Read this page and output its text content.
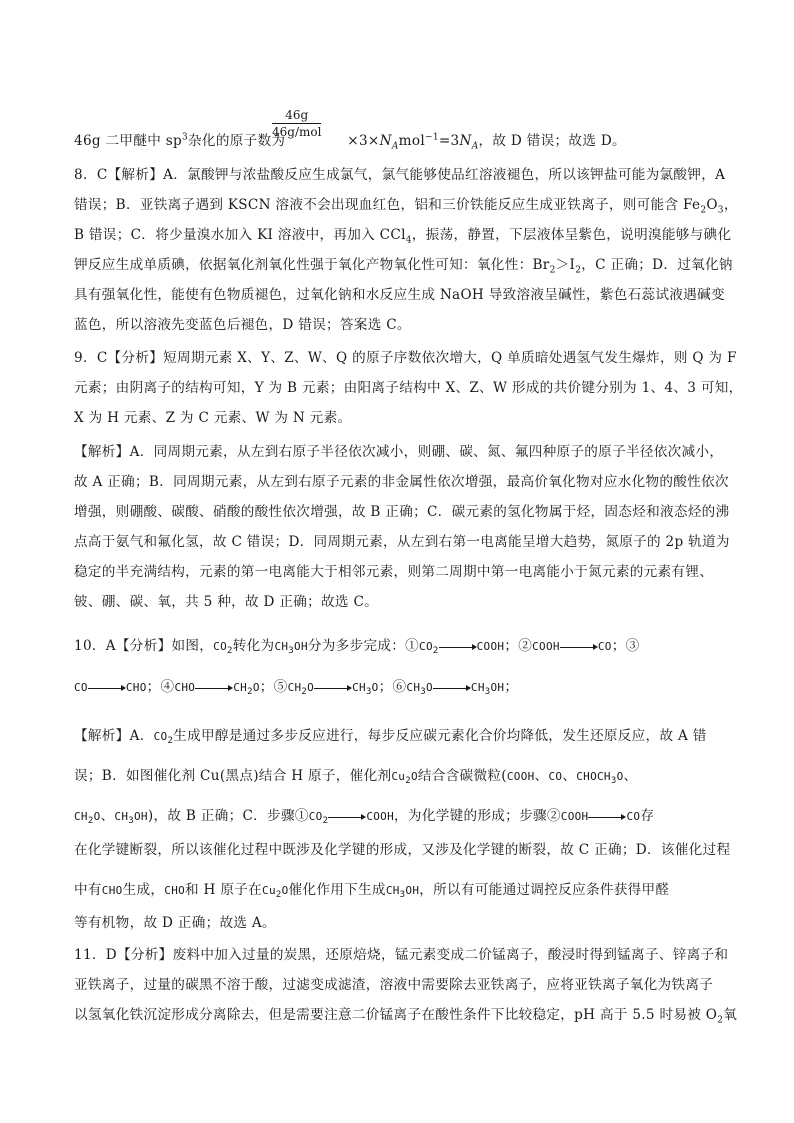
46g
46g/mol
46g 二甲醚中 $sp^3$杂化的原子数为	$\times 3\times N_Amol^{-1}=3N_A$，故 D 错误；故选 D。
8．C【解析】A．氯酸钾与浓盐酸反应生成氯气，氯气能够使品红溶液褪色，所以该钾盐可能为氯酸钾，A
错误；B．亚铁离子遇到 KSCN 溶液不会出现血红色，铝和三价铁能反应生成亚铁离子，则可能含 $Fe_2O_3$，
B 错误；C．将少量溴水加入 KI 溶液中，再加入 CCl$_4$，振荡，静置，下层液体呈紫色，说明溴能够与碘化
钾反应生成单质碘，依据氧化剂氧化性强于氧化产物氧化性可知：氧化性：$Br_2>I_2$，C 正确；D．过氧化钠
具有强氧化性，能使有色物质褪色，过氧化钠和水反应生成 NaOH 导致溶液呈碱性，紫色石蕊试液遇碱变
蓝色，所以溶液先变蓝色后褪色，D 错误；答案选 C。
9．C【分析】短周期元素 X、Y、Z、W、Q 的原子序数依次增大，Q 单质暗处遇氢气发生爆炸，则 Q 为 F
元素；由阴离子的结构可知，Y 为 B 元素；由阳离子结构中 X、Z、W 形成的共价键分别为 1、4、3 可知，
X 为 H 元素、Z 为 C 元素、W 为 N 元素。
【解析】A．同周期元素，从左到右原子半径依次减小，则硼、碳、氮、氟四种原子的原子半径依次减小，
故 A 正确；B．同周期元素，从左到右原子元素的非金属性依次增强，最高价氧化物对应水化物的酸性依次
增强，则硼酸、碳酸、硝酸的酸性依次增强，故 B 正确；C．碳元素的氢化物属于烃，固态烃和液态烃的沸
点高于氨气和氟化氢，故 C 错误；D．同周期元素，从左到右第一电离能呈增大趋势，氮原子的 2p 轨道为
稳定的半充满结构，元素的第一电离能大于相邻元素，则第二周期中第一电离能小于氮元素的元素有锂、
铍、硼、碳、氧，共 5 种，故 D 正确；故选 C。
10．A【分析】如图，$CO_2$转化为$CH_3OH$分为多步完成：$①CO_2$	COOH；②COOH	CO；③
CO	CHO；④CHO	$CH_2O$；$⑤CH_2O$	$CH_3O$；$⑥CH_3O$	$CH_3OH$；
【解析】A．$CO_2$生成甲醇是通过多步反应进行，每步反应碳元素化合价均降低，发生还原反应，故 A 错
误；B．如图催化剂 Cu(黑点)结合 H 原子，催化剂$Cu_2O$结合含碳微粒(COOH、CO、$CHOCH_3O$、
$CH_2O$、$CH_3OH$)，故 B 正确；C．步骤$①CO_2$	COOH，为化学键的形成；步骤②COOH	CO存
在化学键断裂，所以该催化过程中既涉及化学键的形成，又涉及化学键的断裂，故 C 正确；D．该催化过程
中有CHO生成，CHO和 H 原子在$Cu_2O$催化作用下生成$CH_3OH$，所以有可能通过调控反应条件获得甲醛
等有机物，故 D 正确；故选 A。
11．D【分析】废料中加入过量的炭黑，还原焙烧，锰元素变成二价锰离子，酸浸时得到锰离子、锌离子和
亚铁离子，过量的碳黑不溶于酸，过滤变成滤渣，溶液中需要除去亚铁离子，应将亚铁离子氧化为铁离子
以氢氧化铁沉淀形成分离除去，但是需要注意二价锰离子在酸性条件下比较稳定，pH 高于 5.5 时易被 $O_2$氧
